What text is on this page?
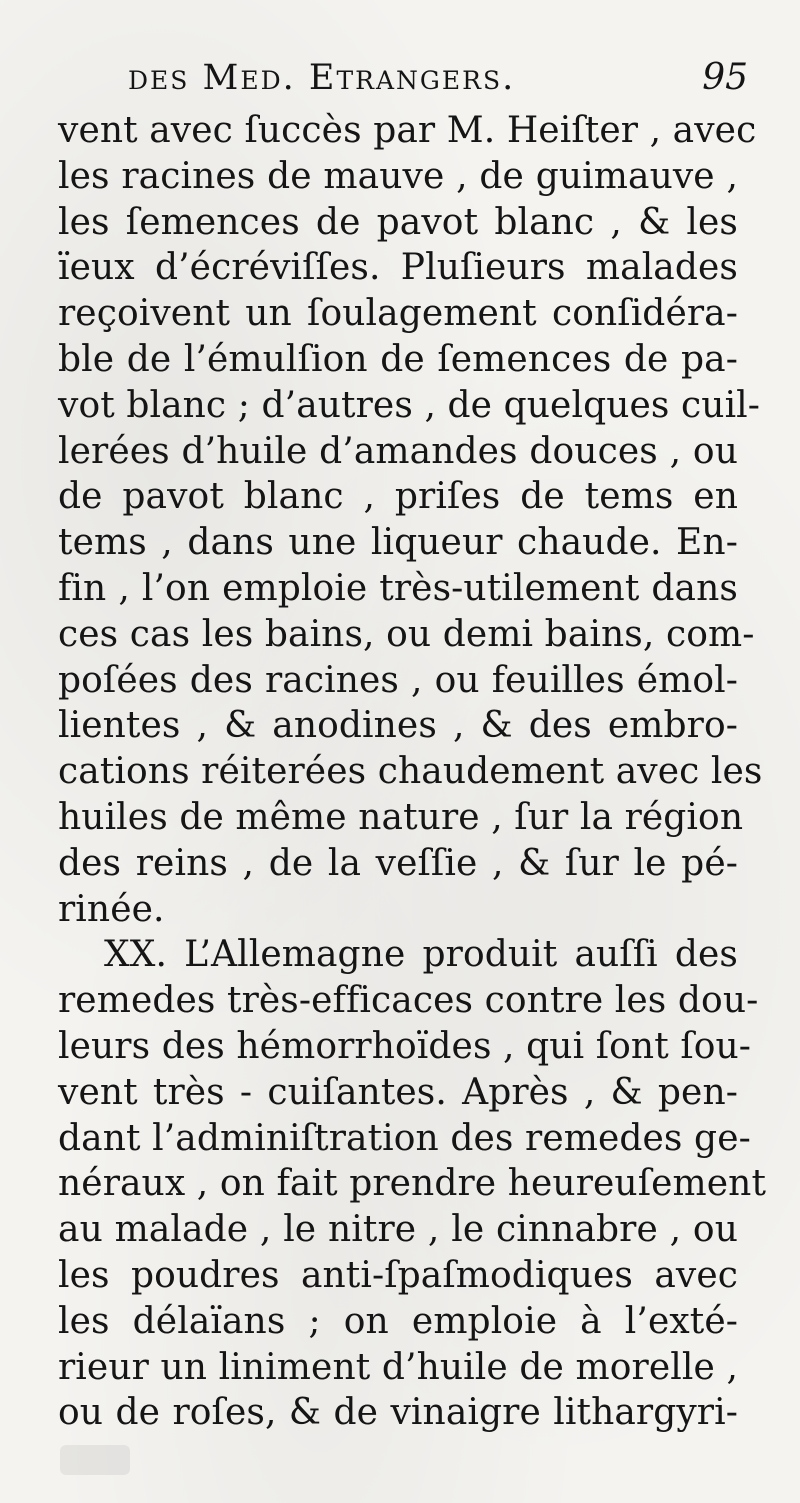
des Med. Etrangers.	95
vent avec ſuccès par M. Heiſter , avec
les racines de mauve , de guimauve ,
les ſemences de pavot blanc , & les
ïeux d’écréviſſes. Pluſieurs malades
reçoivent un ſoulagement conſidéra-
ble de l’émulſion de ſemences de pa-
vot blanc ; d’autres , de quelques cuil-
lerées d’huile d’amandes douces , ou
de pavot blanc , priſes de tems en
tems , dans une liqueur chaude. En-
fin , l’on emploie très-utilement dans
ces cas les bains, ou demi bains, com-
poſées des racines , ou feuilles émol-
lientes , & anodines , & des embro-
cations réiterées chaudement avec les
huiles de même nature , ſur la région
des reins , de la veſſie , & ſur le pé-
rinée.
XX. L’Allemagne produit auſſi des
remedes très-efficaces contre les dou-
leurs des hémorrhoïdes , qui ſont ſou-
vent très - cuiſantes. Après , & pen-
dant l’adminiſtration des remedes ge-
néraux , on fait prendre heureuſement
au malade , le nitre , le cinnabre , ou
les poudres anti-ſpaſmodiques avec
les délaïans ; on emploie à l’exté-
rieur un liniment d’huile de morelle ,
ou de roſes, & de vinaigre lithargyri-
